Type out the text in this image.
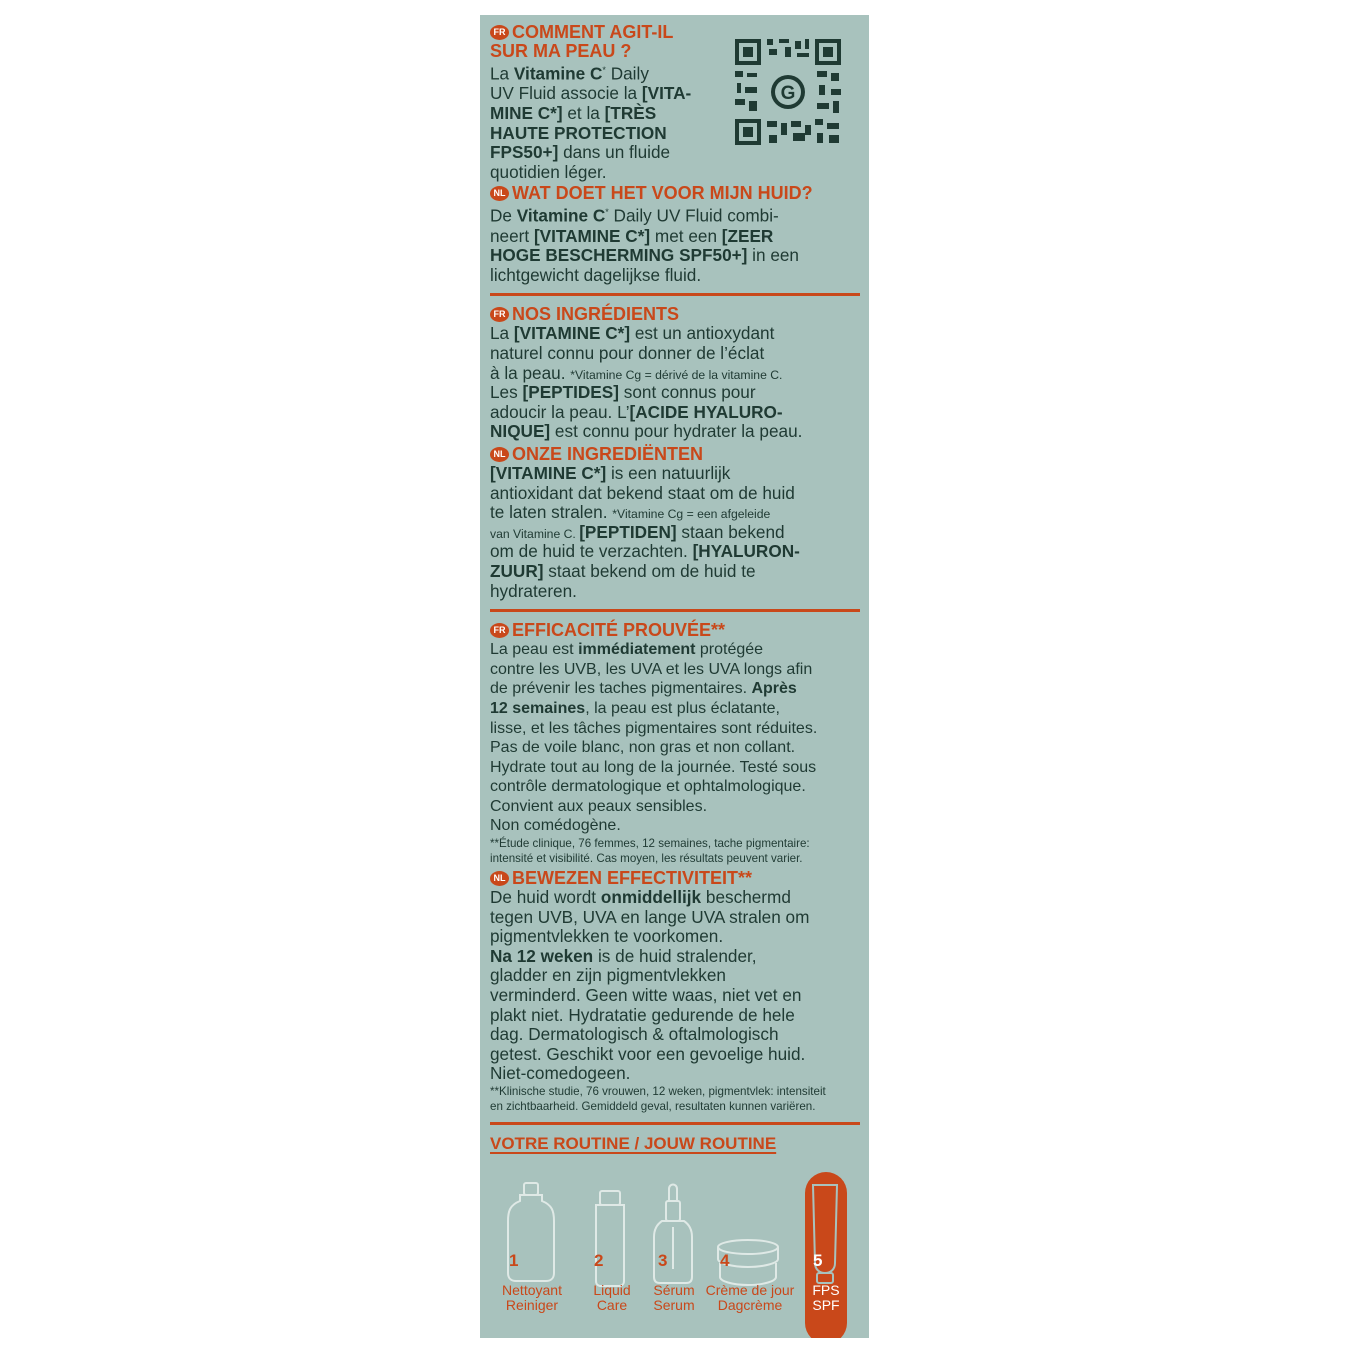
G
FR COMMENT AGIT-IL
SUR MA PEAU ?

La Vitamine C* Daily
UV Fluid associe la [VITA-
MINE C*] et la [TRÈS
HAUTE PROTECTION
FPS50+] dans un fluide
quotidien léger.

NL WAT DOET HET VOOR MIJN HUID?

De Vitamine C* Daily UV Fluid combi-
neert [VITAMINE C*] met een [ZEER
HOGE BESCHERMING SPF50+] in een
lichtgewicht dagelijkse fluid.

FR NOS INGRÉDIENTS

La [VITAMINE C*] est un antioxydant
naturel connu pour donner de l’éclat
à la peau. *Vitamine Cg = dérivé de la vitamine C.
Les [PEPTIDES] sont connus pour
adoucir la peau. L’[ACIDE HYALURO-
NIQUE] est connu pour hydrater la peau.

NL ONZE INGREDIËNTEN

[VITAMINE C*] is een natuurlijk
antioxidant dat bekend staat om de huid
te laten stralen. *Vitamine Cg = een afgeleide
van Vitamine C. [PEPTIDEN] staan bekend
om de huid te verzachten. [HYALURON-
ZUUR] staat bekend om de huid te
hydrateren.

FR EFFICACITÉ PROUVÉE**

La peau est immédiatement protégée
contre les UVB, les UVA et les UVA longs afin
de prévenir les taches pigmentaires. Après
12 semaines, la peau est plus éclatante,
lisse, et les tâches pigmentaires sont réduites.
Pas de voile blanc, non gras et non collant.
Hydrate tout au long de la journée. Testé sous
contrôle dermatologique et ophtalmologique.
Convient aux peaux sensibles.
Non comédogène.

**Étude clinique, 76 femmes, 12 semaines, tache pigmentaire:
intensité et visibilité. Cas moyen, les résultats peuvent varier.

NL BEWEZEN EFFECTIVITEIT**

De huid wordt onmiddellijk beschermd
tegen UVB, UVA en lange UVA stralen om
pigmentvlekken te voorkomen.
Na 12 weken is de huid stralender,
gladder en zijn pigmentvlekken
verminderd. Geen witte waas, niet vet en
plakt niet. Hydratatie gedurende de hele
dag. Dermatologisch & oftalmologisch
getest. Geschikt voor een gevoelige huid.
Niet-comedogeen.

**Klinische studie, 76 vrouwen, 12 weken, pigmentvlek: intensiteit
en zichtbaarheid. Gemiddeld geval, resultaten kunnen variëren.

VOTRE ROUTINE / JOUW ROUTINE
1	2	3	4	5
Nettoyant
Reiniger
Liquid
Care
Sérum
Serum
Crème de jour
Dagcrème
FPS
SPF
